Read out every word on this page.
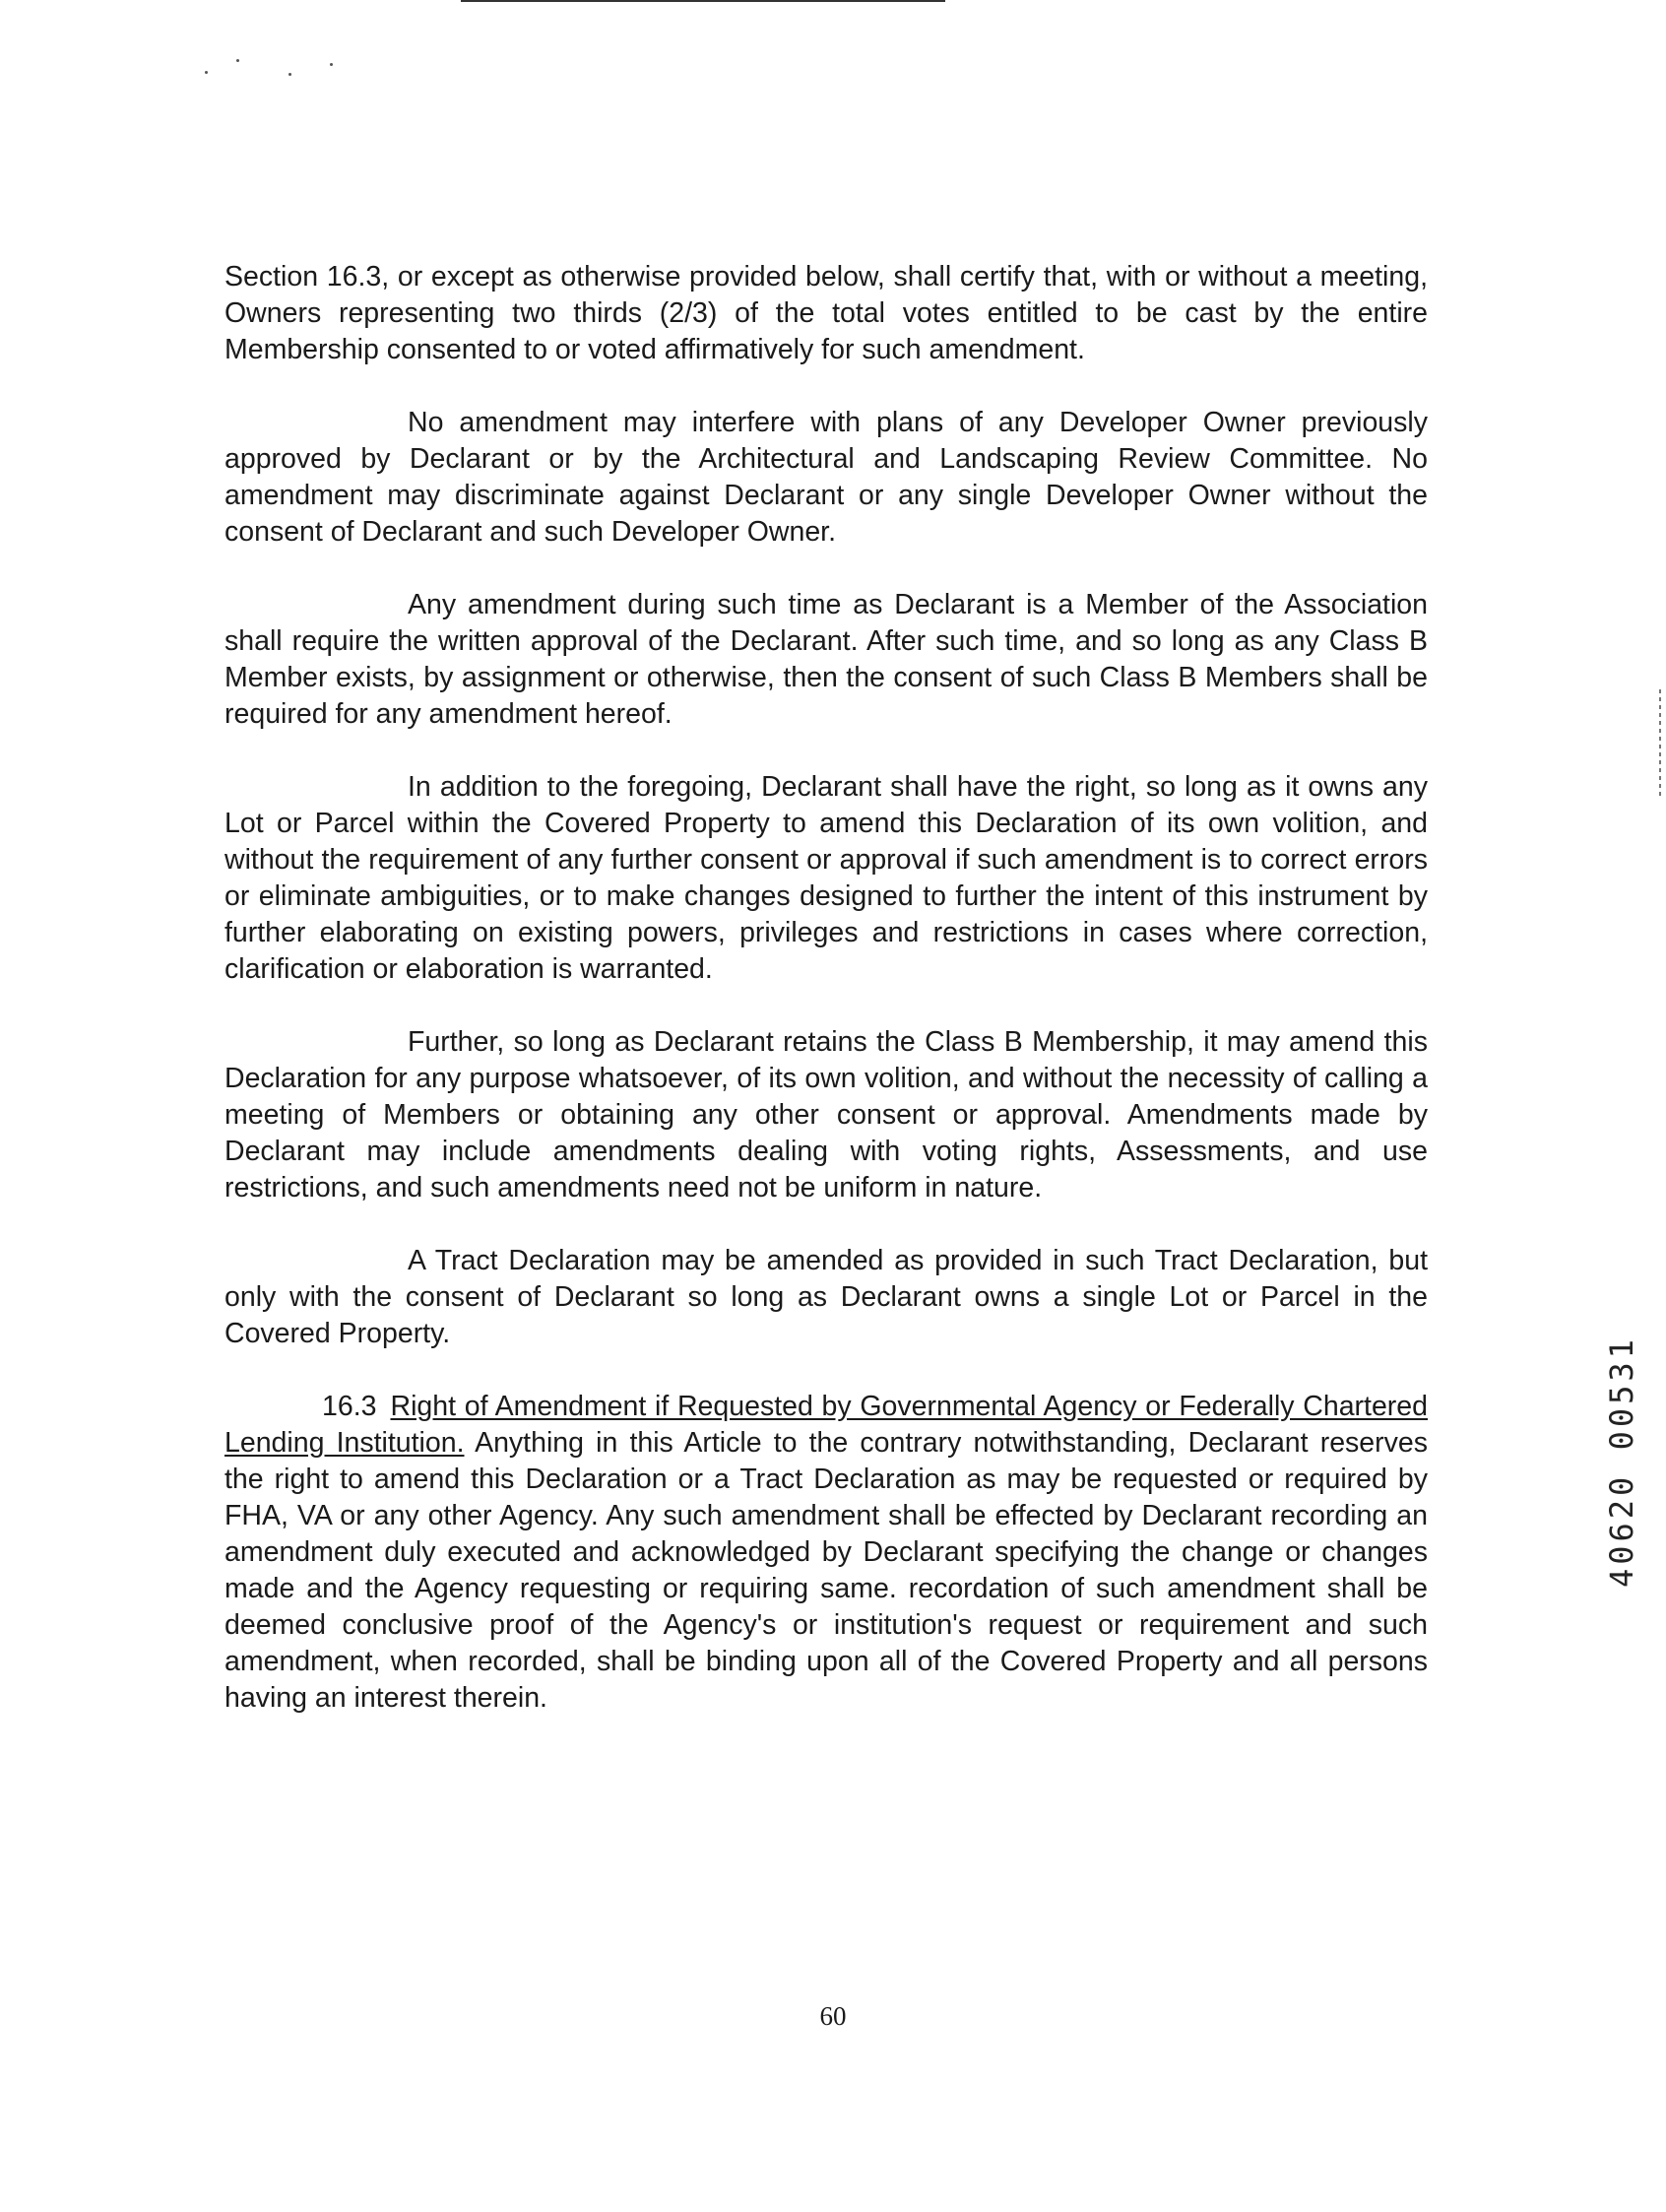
Section 16.3, or except as otherwise provided below, shall certify that, with or without a meeting, Owners representing two thirds (2/3) of the total votes entitled to be cast by the entire Membership consented to or voted affirmatively for such amendment.

No amendment may interfere with plans of any Developer Owner previously approved by Declarant or by the Architectural and Landscaping Review Committee. No amendment may discriminate against Declarant or any single Developer Owner without the consent of Declarant and such Developer Owner.

Any amendment during such time as Declarant is a Member of the Association shall require the written approval of the Declarant. After such time, and so long as any Class B Member exists, by assignment or otherwise, then the consent of such Class B Members shall be required for any amendment hereof.

In addition to the foregoing, Declarant shall have the right, so long as it owns any Lot or Parcel within the Covered Property to amend this Declaration of its own volition, and without the requirement of any further consent or approval if such amendment is to correct errors or eliminate ambiguities, or to make changes designed to further the intent of this instrument by further elaborating on existing powers, privileges and restrictions in cases where correction, clarification or elaboration is warranted.

Further, so long as Declarant retains the Class B Membership, it may amend this Declaration for any purpose whatsoever, of its own volition, and without the necessity of calling a meeting of Members or obtaining any other consent or approval. Amendments made by Declarant may include amendments dealing with voting rights, Assessments, and use restrictions, and such amendments need not be uniform in nature.

A Tract Declaration may be amended as provided in such Tract Declaration, but only with the consent of Declarant so long as Declarant owns a single Lot or Parcel in the Covered Property.

16.3 Right of Amendment if Requested by Governmental Agency or Federally Chartered Lending Institution. Anything in this Article to the contrary notwithstanding, Declarant reserves the right to amend this Declaration or a Tract Declaration as may be requested or required by FHA, VA or any other Agency. Any such amendment shall be effected by Declarant recording an amendment duly executed and acknowledged by Declarant specifying the change or changes made and the Agency requesting or requiring same. recordation of such amendment shall be deemed conclusive proof of the Agency's or institution's request or requirement and such amendment, when recorded, shall be binding upon all of the Covered Property and all persons having an interest therein.

60
40620 00531
